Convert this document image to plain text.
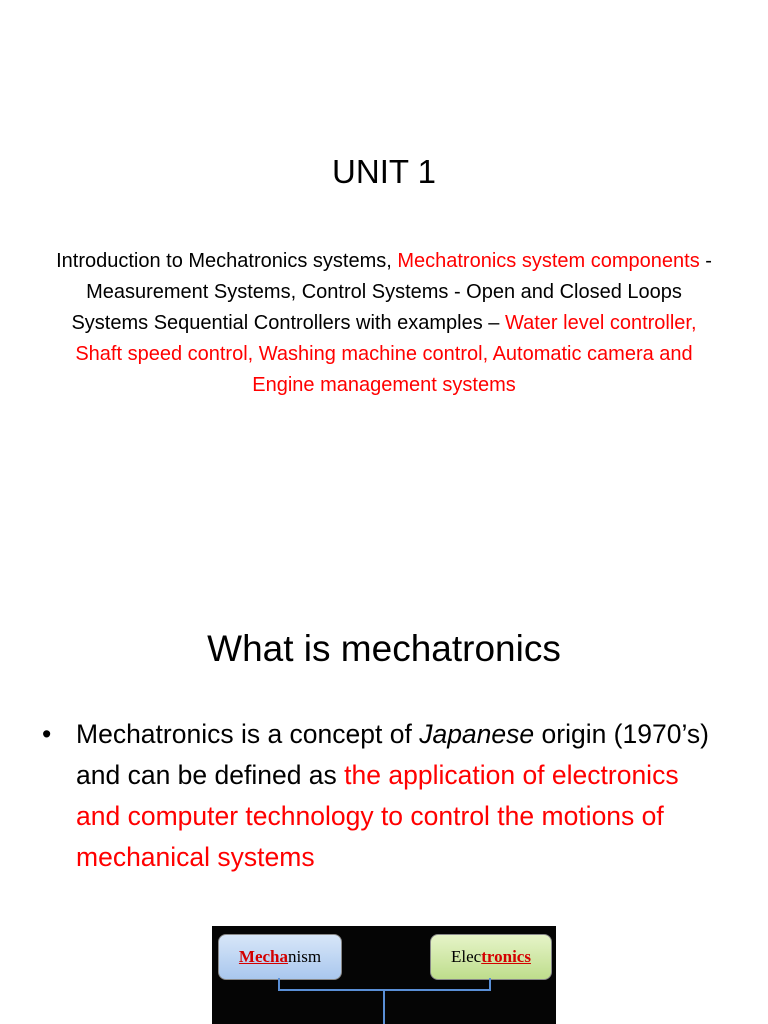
UNIT 1
Introduction to Mechatronics systems, Mechatronics system components - Measurement Systems, Control Systems - Open and Closed Loops Systems Sequential Controllers with examples – Water level controller, Shaft speed control, Washing machine control, Automatic camera and Engine management systems
What is mechatronics
• Mechatronics is a concept of Japanese origin (1970’s) and can be defined as the application of electronics and computer technology to control the motions of mechanical systems
Mechanism	Electronics
